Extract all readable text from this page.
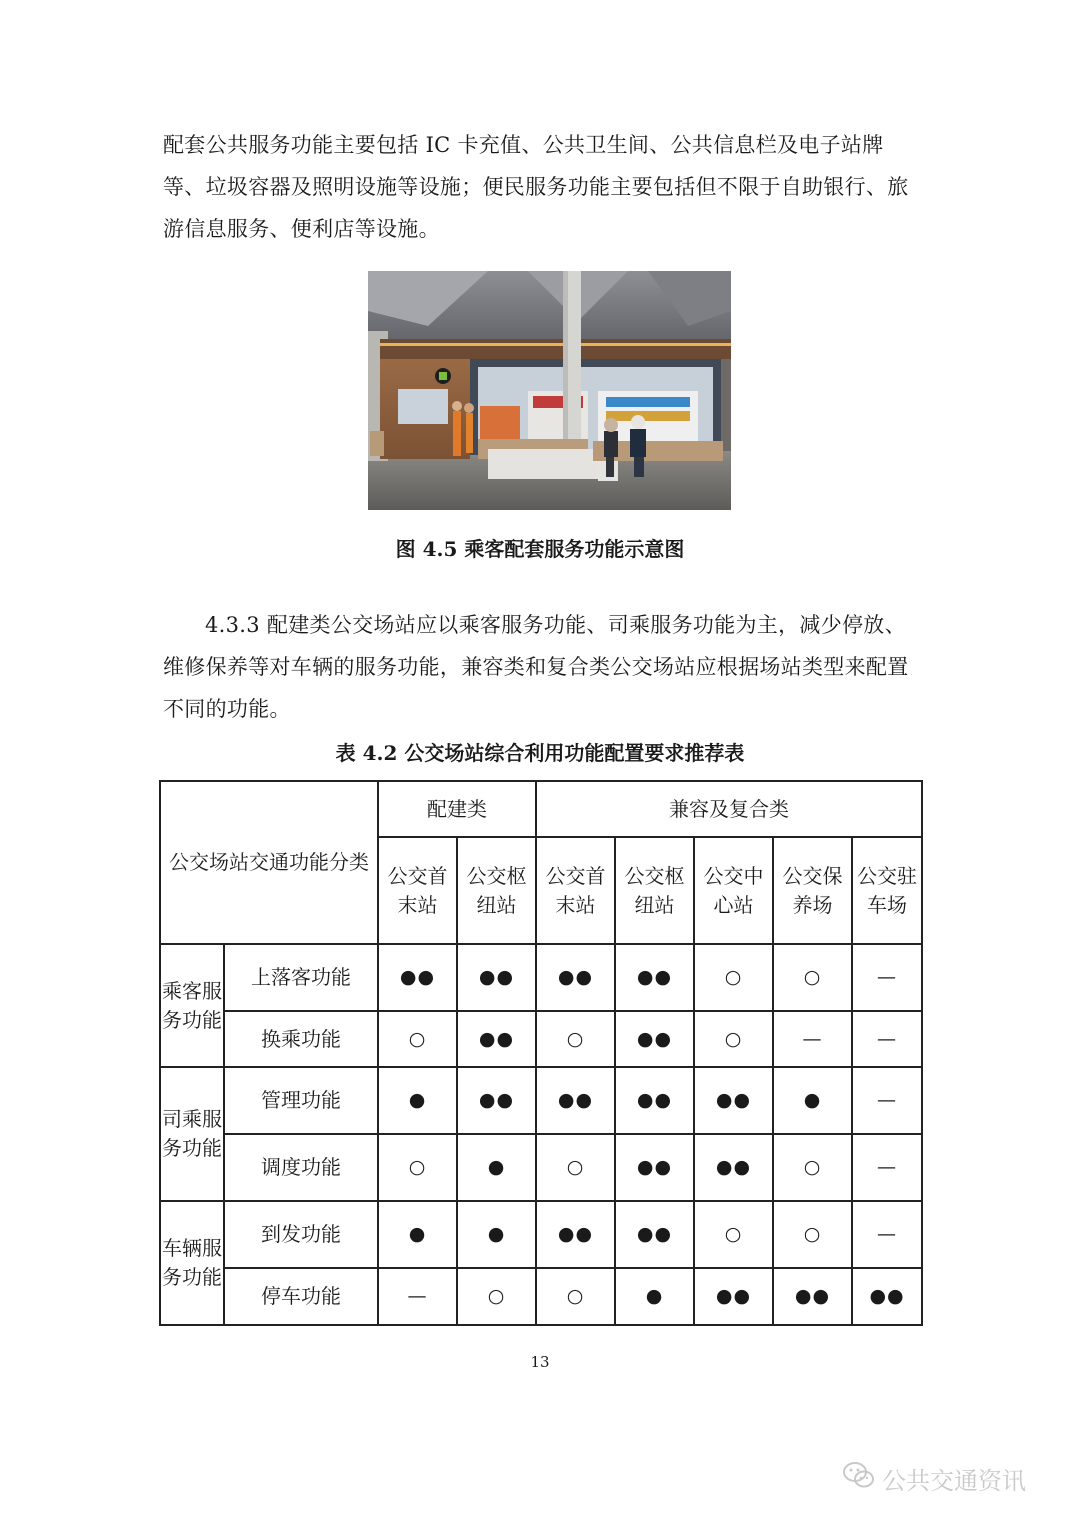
配套公共服务功能主要包括 IC 卡充值、公共卫生间、公共信息栏及电子站牌等、垃圾容器及照明设施等设施；便民服务功能主要包括但不限于自助银行、旅游信息服务、便利店等设施。
图 4.5 乘客配套服务功能示意图
4.3.3 配建类公交场站应以乘客服务功能、司乘服务功能为主，减少停放、维修保养等对车辆的服务功能，兼容类和复合类公交场站应根据场站类型来配置不同的功能。
表 4.2 公交场站综合利用功能配置要求推荐表
公交场站交通功能分类		配建类		兼容及复合类				
		公交首末站	公交枢纽站	公交首末站	公交枢纽站	公交中心站	公交保养场	公交驻车场
乘客服务功能	上落客功能	●●	●●	●●	●●	○	○	—
	换乘功能	○	●●	○	●●	○	—	—
司乘服务功能	管理功能	●	●●	●●	●●	●●	●	—
	调度功能	○	●	○	●●	●●	○	—
车辆服务功能	到发功能	●	●	●●	●●	○	○	—
	停车功能	—	○	○	●	●●	●●	●●
13
公共交通资讯
